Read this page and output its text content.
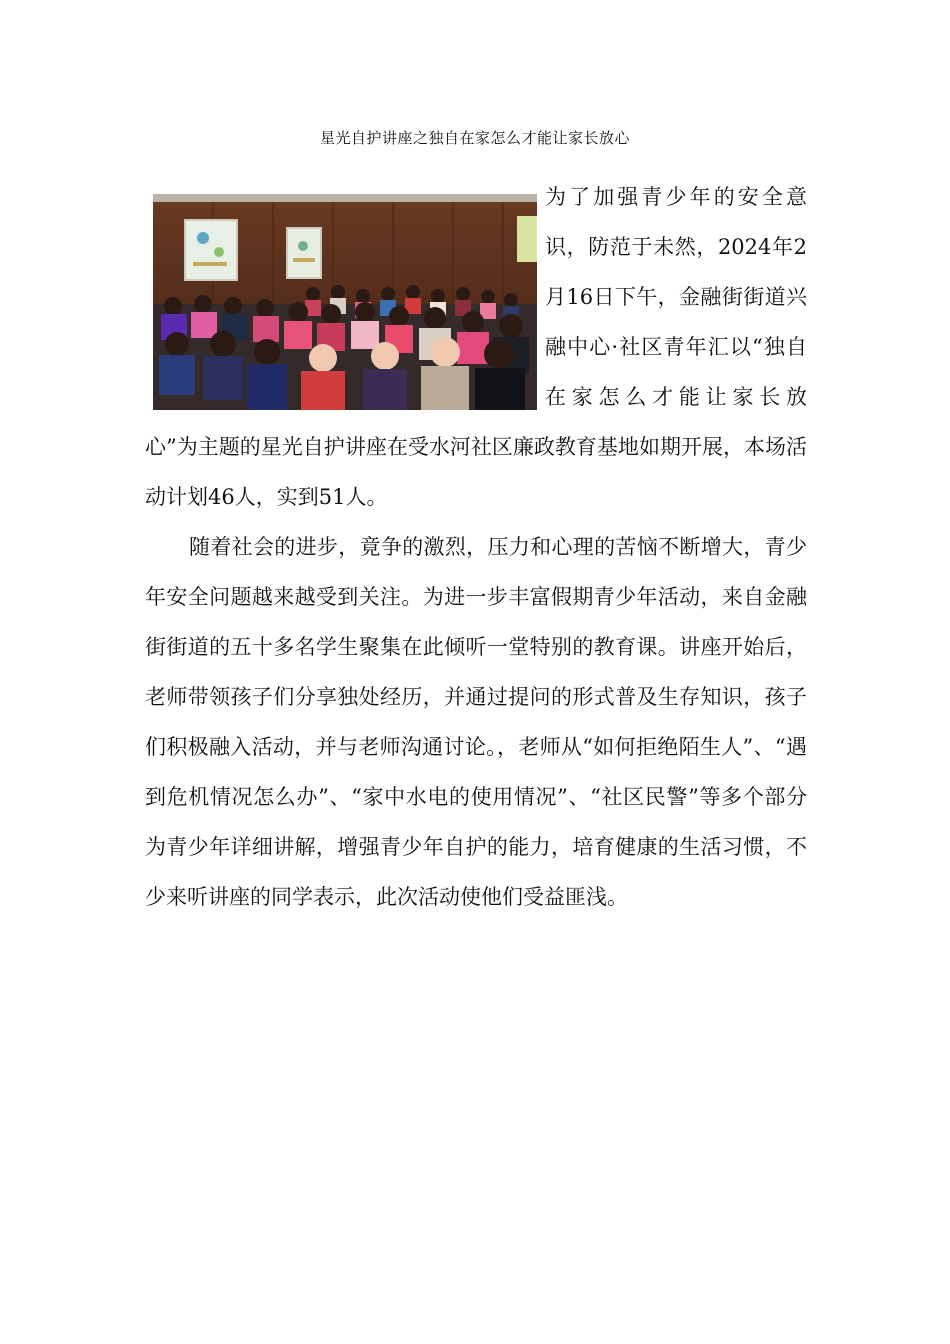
星光自护讲座之独自在家怎么才能让家长放心
为了加强青少年的安全意识，防范于未然，2024年2月16日下午，金融街街道兴融中心·社区青年汇以“独自在家怎么才能让家长放心”为主题的星光自护讲座在受水河社区廉政教育基地如期开展，本场活动计划46人，实到51人。

随着社会的进步，竟争的激烈，压力和心理的苦恼不断增大，青少年安全问题越来越受到关注。为进一步丰富假期青少年活动，来自金融街街道的五十多名学生聚集在此倾听一堂特别的教育课。讲座开始后，老师带领孩子们分享独处经历，并通过提问的形式普及生存知识，孩子们积极融入活动，并与老师沟通讨论。，老师从“如何拒绝陌生人”、“遇到危机情况怎么办”、“家中水电的使用情况”、“社区民警”等多个部分为青少年详细讲解，增强青少年自护的能力，培育健康的生活习惯，不少来听讲座的同学表示，此次活动使他们受益匪浅。
